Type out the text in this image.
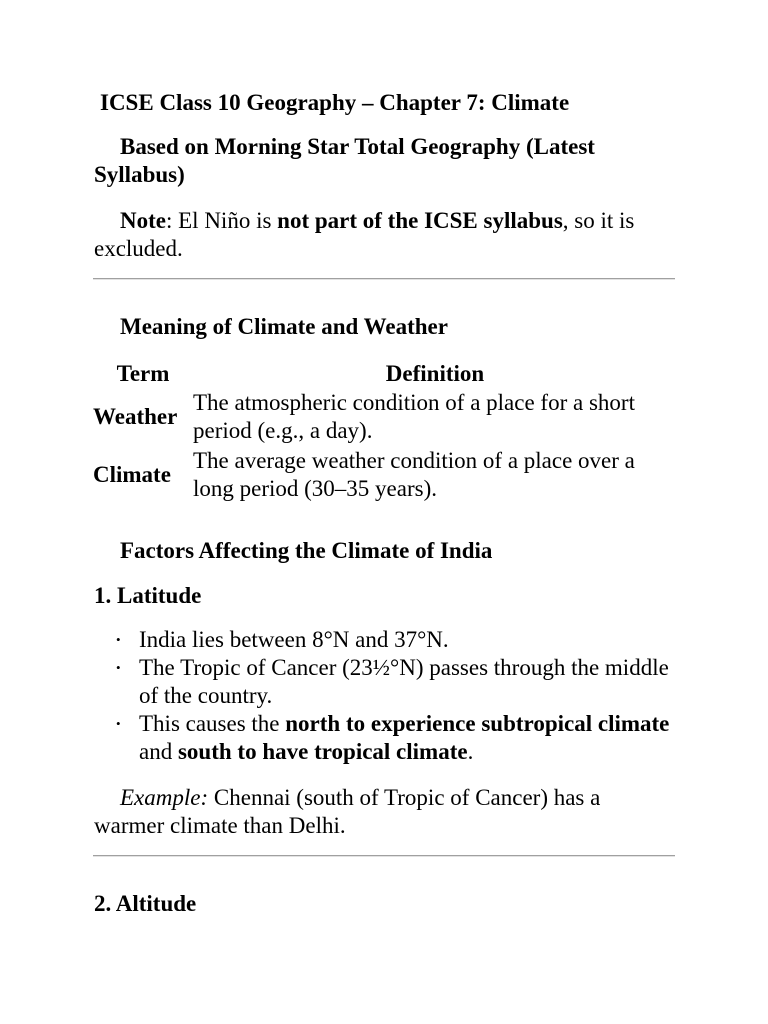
ICSE Class 10 Geography – Chapter 7: Climate

Based on Morning Star Total Geography (Latest Syllabus)

Note: El Niño is not part of the ICSE syllabus, so it is excluded.

Meaning of Climate and Weather
Term	Definition
Weather	The atmospheric condition of a place for a short period (e.g., a day).
Climate	The average weather condition of a place over a long period (30–35 years).
Factors Affecting the Climate of India
1. Latitude
• India lies between 8°N and 37°N.
• The Tropic of Cancer (23½°N) passes through the middle of the country.
• This causes the north to experience subtropical climate and south to have tropical climate.

Example: Chennai (south of Tropic of Cancer) has a warmer climate than Delhi.

2. Altitude
